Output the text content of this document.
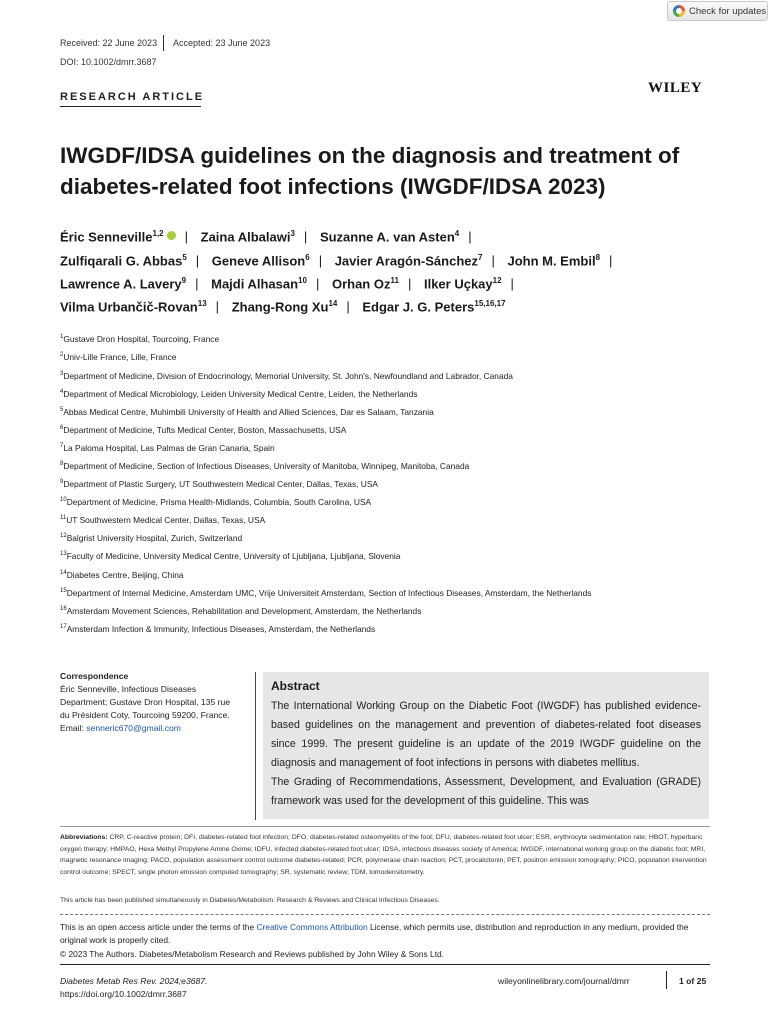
Check for updates
Received: 22 June 2023 Accepted: 23 June 2023
DOI: 10.1002/dmrr.3687
RESEARCH ARTICLE
WILEY
IWGDF/IDSA guidelines on the diagnosis and treatment of
diabetes-related foot infections (IWGDF/IDSA 2023)
Éric Senneville$^{1,2}$ | Zaina Albalawi$^3$ | Suzanne A. van Asten$^4$ |
Zulfiqarali G. Abbas$^5$ | Geneve Allison$^6$ | Javier Aragón-Sánchez$^7$ | John M. Embil$^8$ |
Lawrence A. Lavery$^9$ | Majdi Alhasan$^{10}$ | Orhan Oz$^{11}$ | Ilker Uçkay$^{12}$ |
Vilma Urbančič-Rovan$^{13}$ | Zhang-Rong Xu$^{14}$ | Edgar J. G. Peters$^{15,16,17}$
$^1$Gustave Dron Hospital, Tourcoing, France
$^2$Univ-Lille France, Lille, France
$^3$Department of Medicine, Division of Endocrinology, Memorial University, St. John's, Newfoundland and Labrador, Canada
$^4$Department of Medical Microbiology, Leiden University Medical Centre, Leiden, the Netherlands
$^5$Abbas Medical Centre, Muhimbili University of Health and Allied Sciences, Dar es Salaam, Tanzania
$^6$Department of Medicine, Tufts Medical Center, Boston, Massachusetts, USA
$^7$La Paloma Hospital, Las Palmas de Gran Canaria, Spain
$^8$Department of Medicine, Section of Infectious Diseases, University of Manitoba, Winnipeg, Manitoba, Canada
$^9$Department of Plastic Surgery, UT Southwestern Medical Center, Dallas, Texas, USA
$^{10}$Department of Medicine, Prisma Health-Midlands, Columbia, South Carolina, USA
$^{11}$UT Southwestern Medical Center, Dallas, Texas, USA
$^{12}$Balgrist University Hospital, Zurich, Switzerland
$^{13}$Faculty of Medicine, University Medical Centre, University of Ljubljana, Ljubljana, Slovenia
$^{14}$Diabetes Centre, Beijing, China
$^{15}$Department of Internal Medicine, Amsterdam UMC, Vrije Universiteit Amsterdam, Section of Infectious Diseases, Amsterdam, the Netherlands
$^{16}$Amsterdam Movement Sciences, Rehabilitation and Development, Amsterdam, the Netherlands
$^{17}$Amsterdam Infection & Immunity, Infectious Diseases, Amsterdam, the Netherlands
Correspondence
Éric Senneville, Infectious Diseases
Department; Gustave Dron Hospital, 135 rue
du Président Coty, Tourcoing 59200, France.
Email: senneric670@gmail.com
Abstract
The International Working Group on the Diabetic Foot (IWGDF) has published evidence-based guidelines on the management and prevention of diabetes-related foot diseases since 1999. The present guideline is an update of the 2019 IWGDF guideline on the diagnosis and management of foot infections in persons with diabetes mellitus.
The Grading of Recommendations, Assessment, Development, and Evaluation (GRADE) framework was used for the development of this guideline. This was
Abbreviations: CRP, C-reactive protein; DFI, diabetes-related foot infection; DFO, diabetes-related osteomyelitis of the foot; DFU, diabetes-related foot ulcer; ESR, erythrocyte sedimentation rate; HBOT, hyperbaric oxygen therapy; HMPAO, Hexa Methyl Propylene Amine Oxime; IDFU, infected diabetes-related foot ulcer; IDSA, infectious diseases society of America; IWGDF, international working group on the diabetic foot; MRI, magnetic resonance imaging; PACO, population assessment control outcome diabetes-related; PCR, polymerase chain reaction; PCT, procalcitonin; PET, positron emission tomography; PICO, population intervention control outcome; SPECT, single photon emission computed tomography; SR, systematic review; TDM, tomodensitometry.
This article has been published simultaneously in Diabetes/Metabolism: Research & Reviews and Clinical Infectious Diseases.
This is an open access article under the terms of the Creative Commons Attribution License, which permits use, distribution and reproduction in any medium, provided the original work is properly cited.
© 2023 The Authors. Diabetes/Metabolism Research and Reviews published by John Wiley & Sons Ltd.
Diabetes Metab Res Rev. 2024;e3687.
https://doi.org/10.1002/dmrr.3687
wileyonlinelibrary.com/journal/dmrr	1 of 25
